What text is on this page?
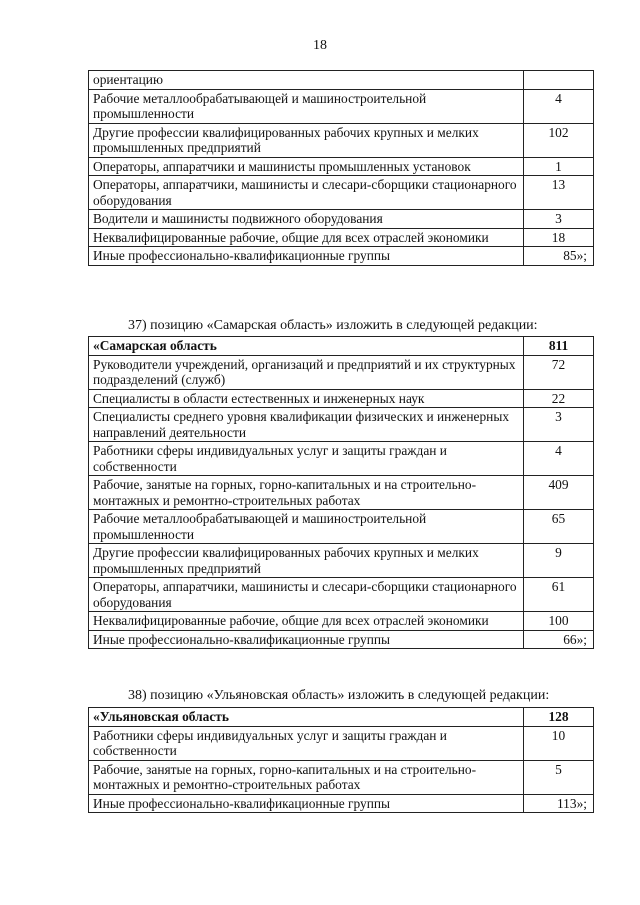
18
ориентацию	
Рабочие металлообрабатывающей и машиностроительной промышленности	4
Другие профессии квалифицированных рабочих крупных и мелких промышленных предприятий	102
Операторы, аппаратчики и машинисты промышленных установок	1
Операторы, аппаратчики, машинисты и слесари-сборщики стационарного оборудования	13
Водители и машинисты подвижного оборудования	3
Неквалифицированные рабочие, общие для всех отраслей экономики	18
Иные профессионально-квалификационные группы	85»;
37) позицию «Самарская область» изложить в следующей редакции:
«Самарская область	811
Руководители учреждений, организаций и предприятий и их структурных подразделений (служб)	72
Специалисты в области естественных и инженерных наук	22
Специалисты среднего уровня квалификации физических и инженерных направлений деятельности	3
Работники сферы индивидуальных услуг и защиты граждан и собственности	4
Рабочие, занятые на горных, горно-капитальных и на строительно-монтажных и ремонтно-строительных работах	409
Рабочие металлообрабатывающей и машиностроительной промышленности	65
Другие профессии квалифицированных рабочих крупных и мелких промышленных предприятий	9
Операторы, аппаратчики, машинисты и слесари-сборщики стационарного оборудования	61
Неквалифицированные рабочие, общие для всех отраслей экономики	100
Иные профессионально-квалификационные группы	66»;
38) позицию «Ульяновская область» изложить в следующей редакции:
«Ульяновская область	128
Работники сферы индивидуальных услуг и защиты граждан и собственности	10
Рабочие, занятые на горных, горно-капитальных и на строительно-монтажных и ремонтно-строительных работах	5
Иные профессионально-квалификационные группы	113»;
